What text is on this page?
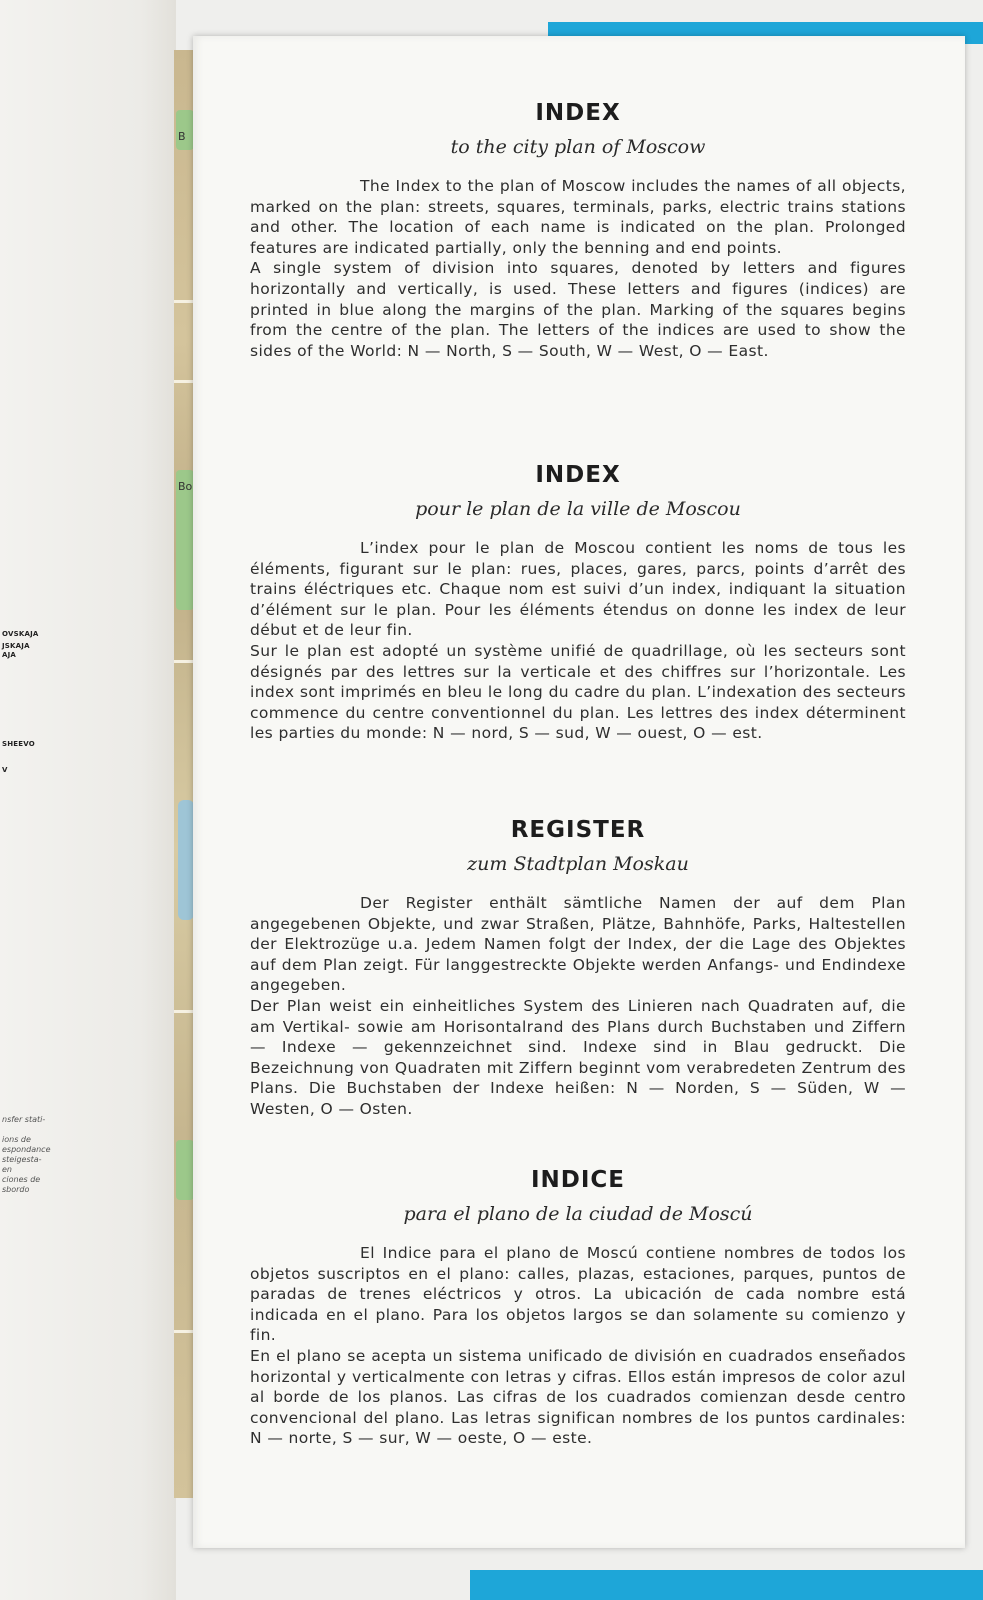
OVSKAJA
JSKAJA
AJA
SHEEVO
V
nsfer stati-
ions de
espondance
steigesta-
en
ciones de
sbordo
B
Bo
INDEX
to the city plan of Moscow

The Index to the plan of Moscow includes the names of all objects, marked on the plan: streets, squares, terminals, parks, electric trains stations and other. The location of each name is indicated on the plan. Prolonged features are indicated partially, only the benning and end points.

A single system of division into squares, denoted by letters and figures horizontally and vertically, is used. These letters and figures (indices) are printed in blue along the margins of the plan. Marking of the squares begins from the centre of the plan. The letters of the indices are used to show the sides of the World: N — North, S — South, W — West, O — East.

INDEX
pour le plan de la ville de Moscou

L’index pour le plan de Moscou contient les noms de tous les éléments, figurant sur le plan: rues, places, gares, parcs, points d’arrêt des trains éléctriques etc. Chaque nom est suivi d’un index, indiquant la situation d’élément sur le plan. Pour les éléments étendus on donne les index de leur début et de leur fin.

Sur le plan est adopté un système unifié de quadrillage, où les secteurs sont désignés par des lettres sur la verticale et des chiffres sur l’horizontale. Les index sont imprimés en bleu le long du cadre du plan. L’indexation des secteurs commence du centre conventionnel du plan. Les lettres des index déterminent les parties du monde: N — nord, S — sud, W — ouest, O — est.

REGISTER
zum Stadtplan Moskau

Der Register enthält sämtliche Namen der auf dem Plan angegebenen Objekte, und zwar Straßen, Plätze, Bahnhöfe, Parks, Haltestellen der Elektrozüge u.a. Jedem Namen folgt der Index, der die Lage des Objektes auf dem Plan zeigt. Für langgestreckte Objekte werden Anfangs- und Endindexe angegeben.

Der Plan weist ein einheitliches System des Linieren nach Quadraten auf, die am Vertikal- sowie am Horisontalrand des Plans durch Buchstaben und Ziffern — Indexe — gekennzeichnet sind. Indexe sind in Blau gedruckt. Die Bezeichnung von Quadraten mit Ziffern beginnt vom verabredeten Zentrum des Plans. Die Buchstaben der Indexe heißen: N — Norden, S — Süden, W — Westen, O — Osten.

INDICE
para el plano de la ciudad de Moscú

El Indice para el plano de Moscú contiene nombres de todos los objetos suscriptos en el plano: calles, plazas, estaciones, parques, puntos de paradas de trenes eléctricos y otros. La ubicación de cada nombre está indicada en el plano. Para los objetos largos se dan solamente su comienzo y fin.

En el plano se acepta un sistema unificado de división en cuadrados enseñados horizontal y verticalmente con letras y cifras. Ellos están impresos de color azul al borde de los planos. Las cifras de los cuadrados comienzan desde centro convencional del plano. Las letras significan nombres de los puntos cardinales: N — norte, S — sur, W — oeste, O — este.
